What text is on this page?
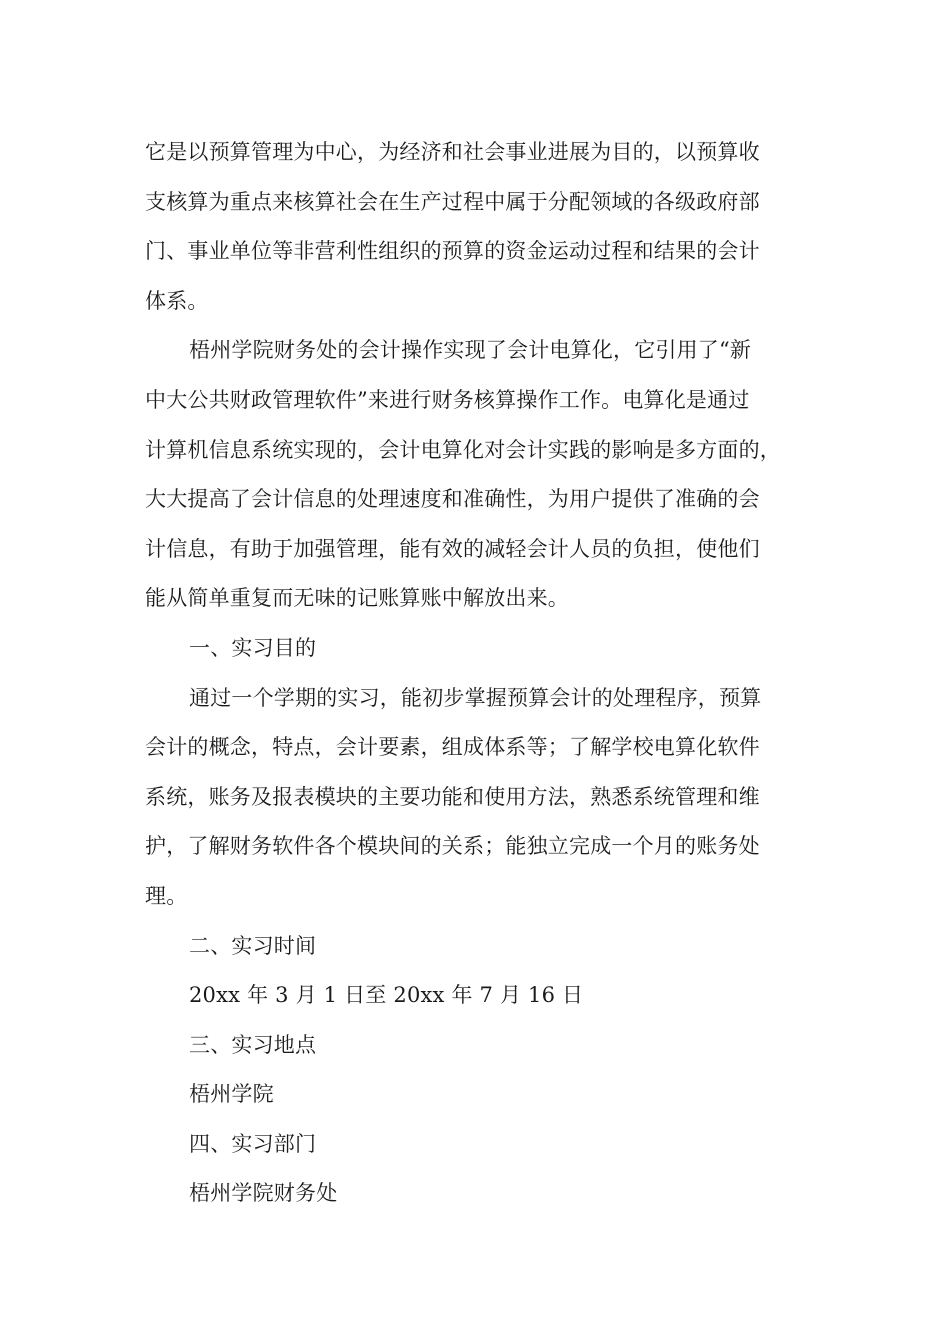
它是以预算管理为中心，为经济和社会事业进展为目的，以预算收
支核算为重点来核算社会在生产过程中属于分配领域的各级政府部
门、事业单位等非营利性组织的预算的资金运动过程和结果的会计
体系。
梧州学院财务处的会计操作实现了会计电算化，它引用了“新
中大公共财政管理软件”来进行财务核算操作工作。电算化是通过
计算机信息系统实现的，会计电算化对会计实践的影响是多方面的，
大大提高了会计信息的处理速度和准确性，为用户提供了准确的会
计信息，有助于加强管理，能有效的减轻会计人员的负担，使他们
能从简单重复而无味的记账算账中解放出来。
一、实习目的
通过一个学期的实习，能初步掌握预算会计的处理程序，预算
会计的概念，特点，会计要素，组成体系等；了解学校电算化软件
系统，账务及报表模块的主要功能和使用方法，熟悉系统管理和维
护，了解财务软件各个模块间的关系；能独立完成一个月的账务处
理。
二、实习时间
20xx 年 3 月 1 日至 20xx 年 7 月 16 日
三、实习地点
梧州学院
四、实习部门
梧州学院财务处
